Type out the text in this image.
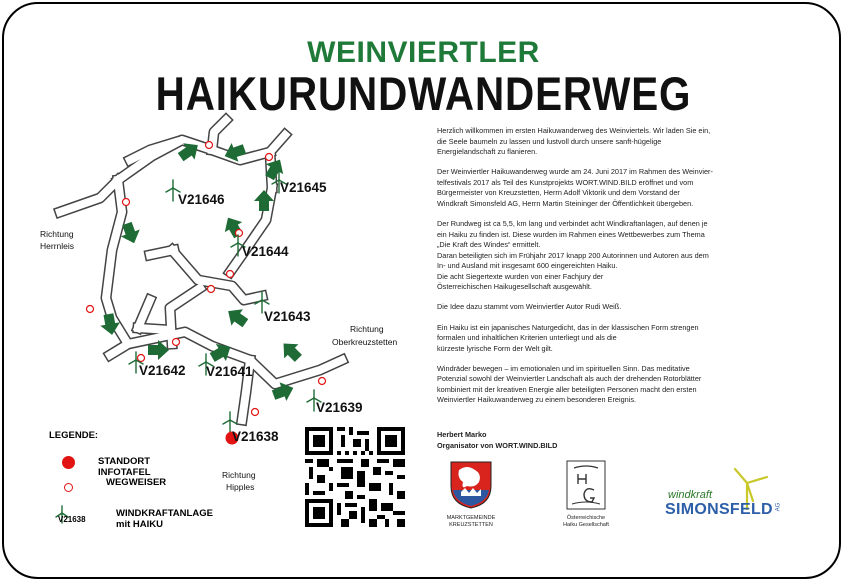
WEINVIERTLER
HAIKURUNDWANDERWEG
V21646
V21645
V21644
V21643
V21642 V21641
V21639
V21638
Richtung
Herrnleis
Richtung
Oberkreuzstetten
Richtung
Hipples
LEGENDE:
STANDORT
INFOTAFEL
WEGWEISER
V21638
WINDKRAFTANLAGE
mit HAIKU

Herzlich willkommen im ersten Haikuwanderweg des Weinviertels. Wir laden Sie ein,
die Seele baumeln zu lassen und lustvoll durch unsere sanft-hügelige
Energielandschaft zu flanieren.

Der Weinviertler Haikuwanderweg wurde am 24. Juni 2017 im Rahmen des Weinvier-
telfestivals 2017 als Teil des Kunstprojekts WORT.WIND.BILD eröffnet und vom
Bürgermeister von Kreuzstetten, Herrn Adolf Viktorik und dem Vorstand der
Windkraft Simonsfeld AG, Herrn Martin Steininger der Öffentlichkeit übergeben.

Der Rundweg ist ca 5,5, km lang und verbindet acht Windkraftanlagen, auf denen je
ein Haiku zu finden ist. Diese wurden im Rahmen eines Wettbewerbes zum Thema
„Die Kraft des Windes“ ermittelt.
Daran beteiligten sich im Frühjahr 2017 knapp 200 Autorinnen und Autoren aus dem
In- und Ausland mit insgesamt 600 eingereichten Haiku.
Die acht Siegertexte wurden von einer Fachjury der
Österreichischen Haikugesellschaft ausgewählt.

Die Idee dazu stammt vom Weinviertler Autor Rudi Weiß.

Ein Haiku ist ein japanisches Naturgedicht, das in der klassischen Form strengen
formalen und inhaltlichen Kriterien unterliegt und als die
kürzeste lyrische Form der Welt gilt.

Windräder bewegen – im emotionalen und im spirituellen Sinn. Das meditative
Potenzial sowohl der Weinviertler Landschaft als auch der drehenden Rotorblätter
kombiniert mit der kreativen Energie aller beteiligten Personen macht den ersten
Weinviertler Haikuwanderweg zu einem besonderen Ereignis.

Herbert Marko
Organisator von WORT.WIND.BILD
MARKTGEMEINDE
KREUZSTETTEN
Österreichische
Haiku Gesellschaft
windkraft
SIMONSFELD AG
